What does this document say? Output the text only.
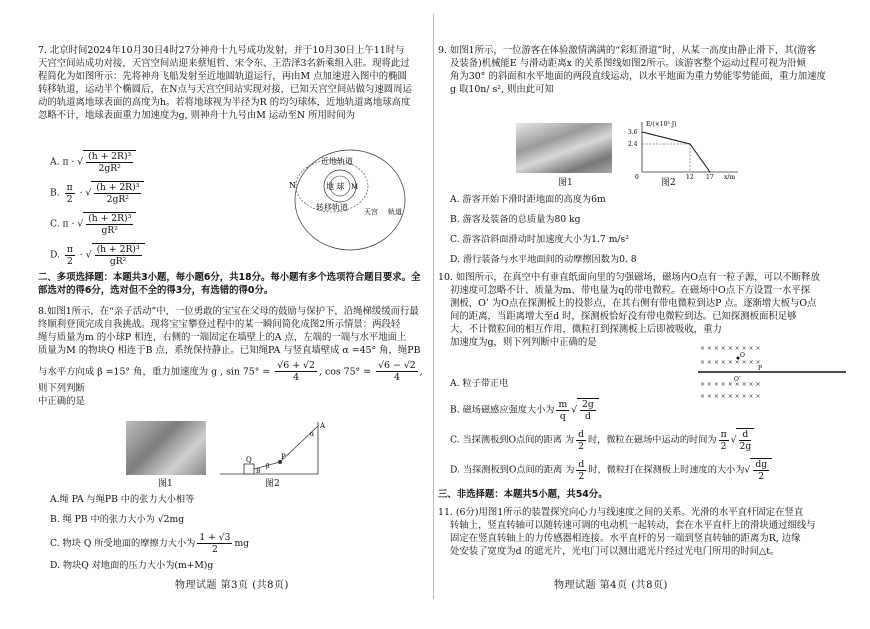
7. 北京时间2024年10月30日4时27分神舟十九号成功发射，并于10月30日上午11时与

天宫空间站成功对接，天宫空间站迎来蔡旭哲、宋令东、王浩泽3名新乘组入驻。现将此过

程简化为如图所示：先将神舟飞船发射至近地圆轨道运行，再由M 点加速进入图中的椭圆

转移轨道，运动半个椭圆后，在N点与天宫空间站实现对接，已知天宫空间站做匀速圆周运

动的轨道离地球表面的高度为h。若将地球视为半径为R 的均匀球体，近地轨道离地球高度

忽略不计，地球表面重力加速度为g, 则神舟十九号由M 运动至N 所用时间为

A. π · √ $\frac{\text{(h + 2R)³}}{\text{2gR²}}$
B. $\frac{\pi}{2}$ · √ $\frac{\text{(h + 2R)³}}{\text{2gR²}}$
C. π · √ $\frac{\text{(h + 2R)³}}{\text{gR²}}$
D. $\frac{\pi}{2}$ · √ $\frac{\text{(h + 2R)³}}{\text{gR²}}$
近地轨道
地 球
转移轨道
N	M
天宫 轨道

二、多项选择题：本题共3小题，每小题6分，共18分。每小题有多个选项符合题目要求。全

部选对的得6分，选对但不全的得3分，有选错的得0分。

8.如图1所示，在“亲子活动”中，一位勇敢的宝宝在父母的鼓励与保护下，沿绳梯缓缓而行最

终顺利登顶完成自我挑战。现将宝宝攀登过程中的某一瞬间简化成图2所示情景：两段轻

绳与质量为m 的小球P 相连，右侧的一端固定在墙壁上的A 点，左端的一端与水平地面上

质量为M 的物块Q 相连于B 点，系统保持静止。已知绳PA 与竖直墙壁成 α =45° 角，绳PB

与水平方向成 β =15° 角，重力加速度为 g , $\sin 75^\circ = \frac{√6 + √2}{4}$ , $\cos 75^\circ = \frac{√6 - √2}{4}$ , 则下列判断

中正确的是

图1
Q
B
P
A
α
β
图2
A.绳 PA 与绳PB 中的张力大小相等
B. 绳 PB 中的张力大小为 √2mg
C. 物块 Q 所受地面的摩擦力大小为 $\frac{1 + √3}{2}$ mg
D. 物块Q 对地面的压力大小为(m+M)g
物理试题 第3页 (共8页)

9. 如图1所示，一位游客在体验激情满满的“彩虹滑道”时，从某一高度由静止滑下，其(游客

及装备)机械能E 与滑动距离x 的关系图线如图2所示。该游客整个运动过程可视为沿倾

角为30° 的斜面和水平地面的两段直线运动，以水平地面为重力势能零势能面，重力加速度

g 取10n/ s², 则由此可知

图1
E/(×10³ J)
x/m
3.6
2.4
12 17
0
图2
A. 游客开始下滑时距地面的高度为6m
B. 游客及装备的总质量为80 kg
C. 游客沿斜面滑动时加速度大小为1.7 m/s²
D. 滑行装备与水平地面间的动摩擦因数为0. 8

10. 如图所示，在真空中有垂直纸面向里的匀强磁场，磁场内O点有一粒子源，可以不断释放

初速度可忽略不计、质量为m、带电量为q的带电微粒。在磁场中O点下方设置一水平探

测板，O’ 为O点在探测板上的投影点，在其右侧有带电微粒到达P 点。逐渐增大板与O点

间的距离，当距离增大至d 时，探测板恰好没有带电微粒到达。已知探测板面积足够

大，不计微粒间的相互作用，微粒打到探测板上后即被吸收，重力

加速度为g，则下列判断中正确的是

× × × × × × × × ×
× × × × × × × × ×
× × × × × × × × ×
× × × × × × × × ×
O
O’
P
A. 粒子带正电
B. 磁场磁感应强度大小为 $\frac{m}{q}$ √ $\frac{2g}{d}$
C. 当探测板到O点间的距离 为 $\frac{d}{2}$ 时，微粒在磁场中运动的时间为 $\frac{\pi}{2}$ √ $\frac{d}{2g}$
D. 当探测板到O点间的距离 为 $\frac{d}{2}$ 时，微粒打在探测板上时速度的大小为√ $\frac{dg}{2}$
三、非选择题：本题共5小题，共54分。

11. (6分)用图1所示的装置探究向心力与线速度之间的关系。光滑的水平直杆固定在竖直

转轴上，竖直转轴可以随转速可调的电动机一起转动，套在水平直杆上的滑块通过细线与

固定在竖直转轴上的力传感器相连接。水平直杆的另一端到竖直转轴的距离为R, 边缘

处安装了宽度为d 的遮光片，光电门可以测出遮光片经过光电门所用的时间△t。

物理试题 第4页 (共8页)
